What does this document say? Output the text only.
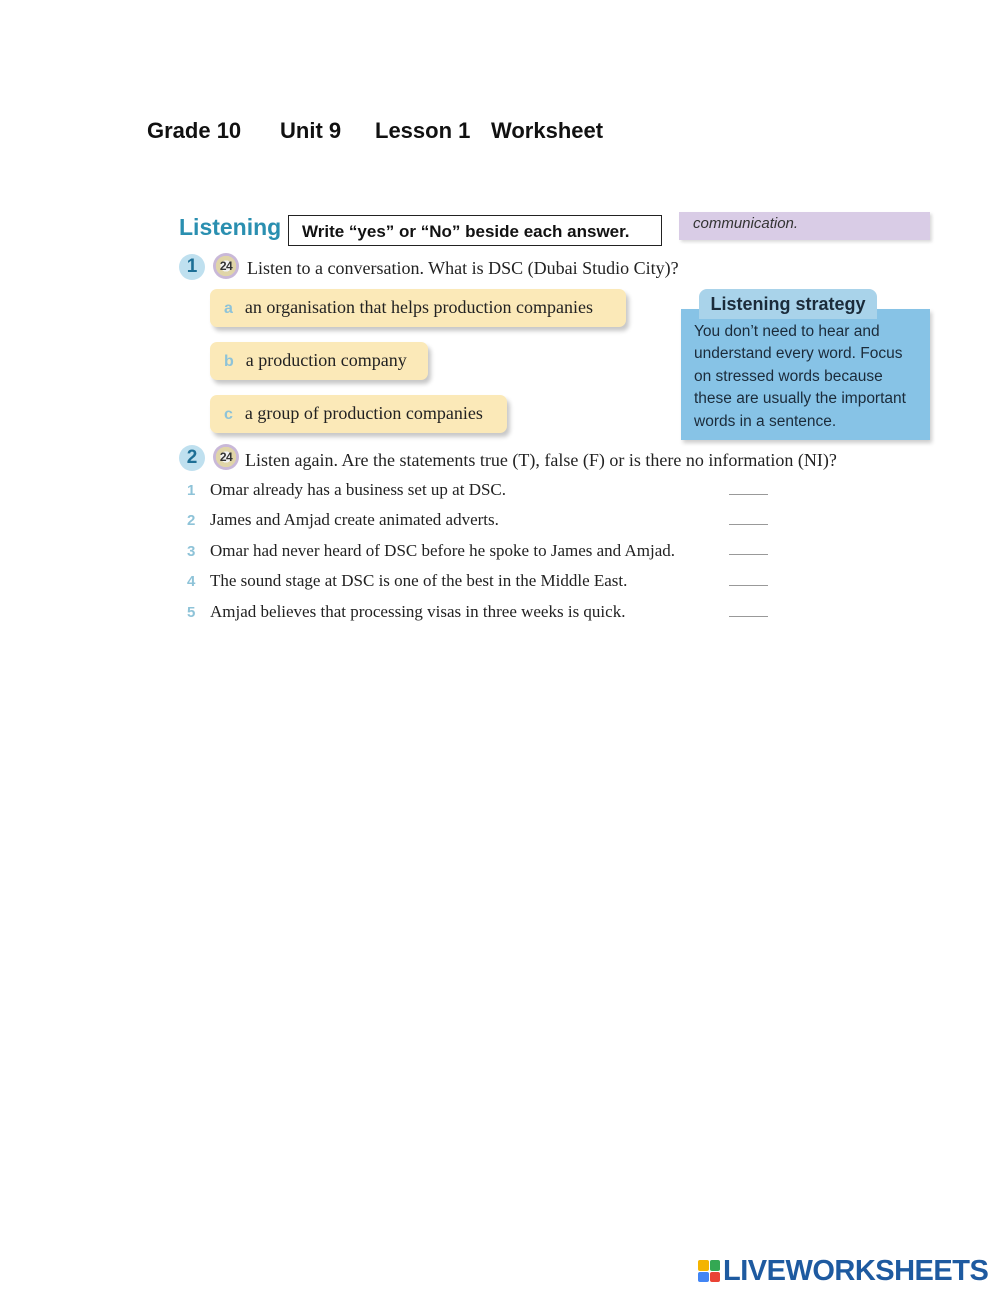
Grade 10 Unit 9 Lesson 1 Worksheet
Listening	Write “yes” or “No” beside each answer.	communication.
1	24 Listen to a conversation. What is DSC (Dubai Studio City)?
a an organisation that helps production companies
b a production company
c a group of production companies
You don’t need to hear and
understand every word. Focus
on stressed words because
these are usually the important
words in a sentence.
Listening strategy
2	24 Listen again. Are the statements true (T), false (F) or is there no information (NI)?
1 Omar already has a business set up at DSC.
2 James and Amjad create animated adverts.
3 Omar had never heard of DSC before he spoke to James and Amjad.
4 The sound stage at DSC is one of the best in the Middle East.
5 Amjad believes that processing visas in three weeks is quick.
LIVEWORKSHEETS
